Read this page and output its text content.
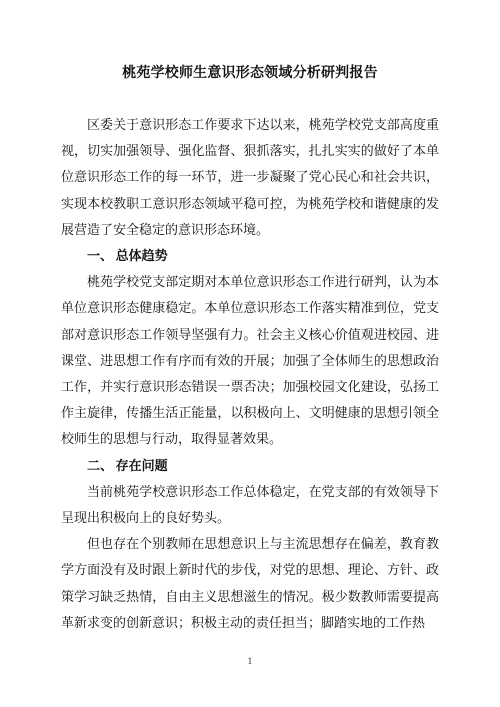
桃苑学校师生意识形态领域分析研判报告

区委关于意识形态工作要求下达以来，桃苑学校党支部高度重视，切实加强领导、强化监督、狠抓落实，扎扎实实的做好了本单位意识形态工作的每一环节，进一步凝聚了党心民心和社会共识，实现本校教职工意识形态领域平稳可控，为桃苑学校和谐健康的发展营造了安全稳定的意识形态环境。

一、 总体趋势

桃苑学校党支部定期对本单位意识形态工作进行研判，认为本单位意识形态健康稳定。本单位意识形态工作落实精准到位，党支部对意识形态工作领导坚强有力。社会主义核心价值观进校园、进课堂、进思想工作有序而有效的开展；加强了全体师生的思想政治工作，并实行意识形态错误一票否决；加强校园文化建设，弘扬工作主旋律，传播生活正能量，以积极向上、文明健康的思想引领全校师生的思想与行动，取得显著效果。

二、 存在问题

当前桃苑学校意识形态工作总体稳定，在党支部的有效领导下呈现出积极向上的良好势头。

但也存在个别教师在思想意识上与主流思想存在偏差，教育教学方面没有及时跟上新时代的步伐，对党的思想、理论、方针、政策学习缺乏热情，自由主义思想滋生的情况。极少数教师需要提高革新求变的创新意识；积极主动的责任担当；脚踏实地的工作热

1
